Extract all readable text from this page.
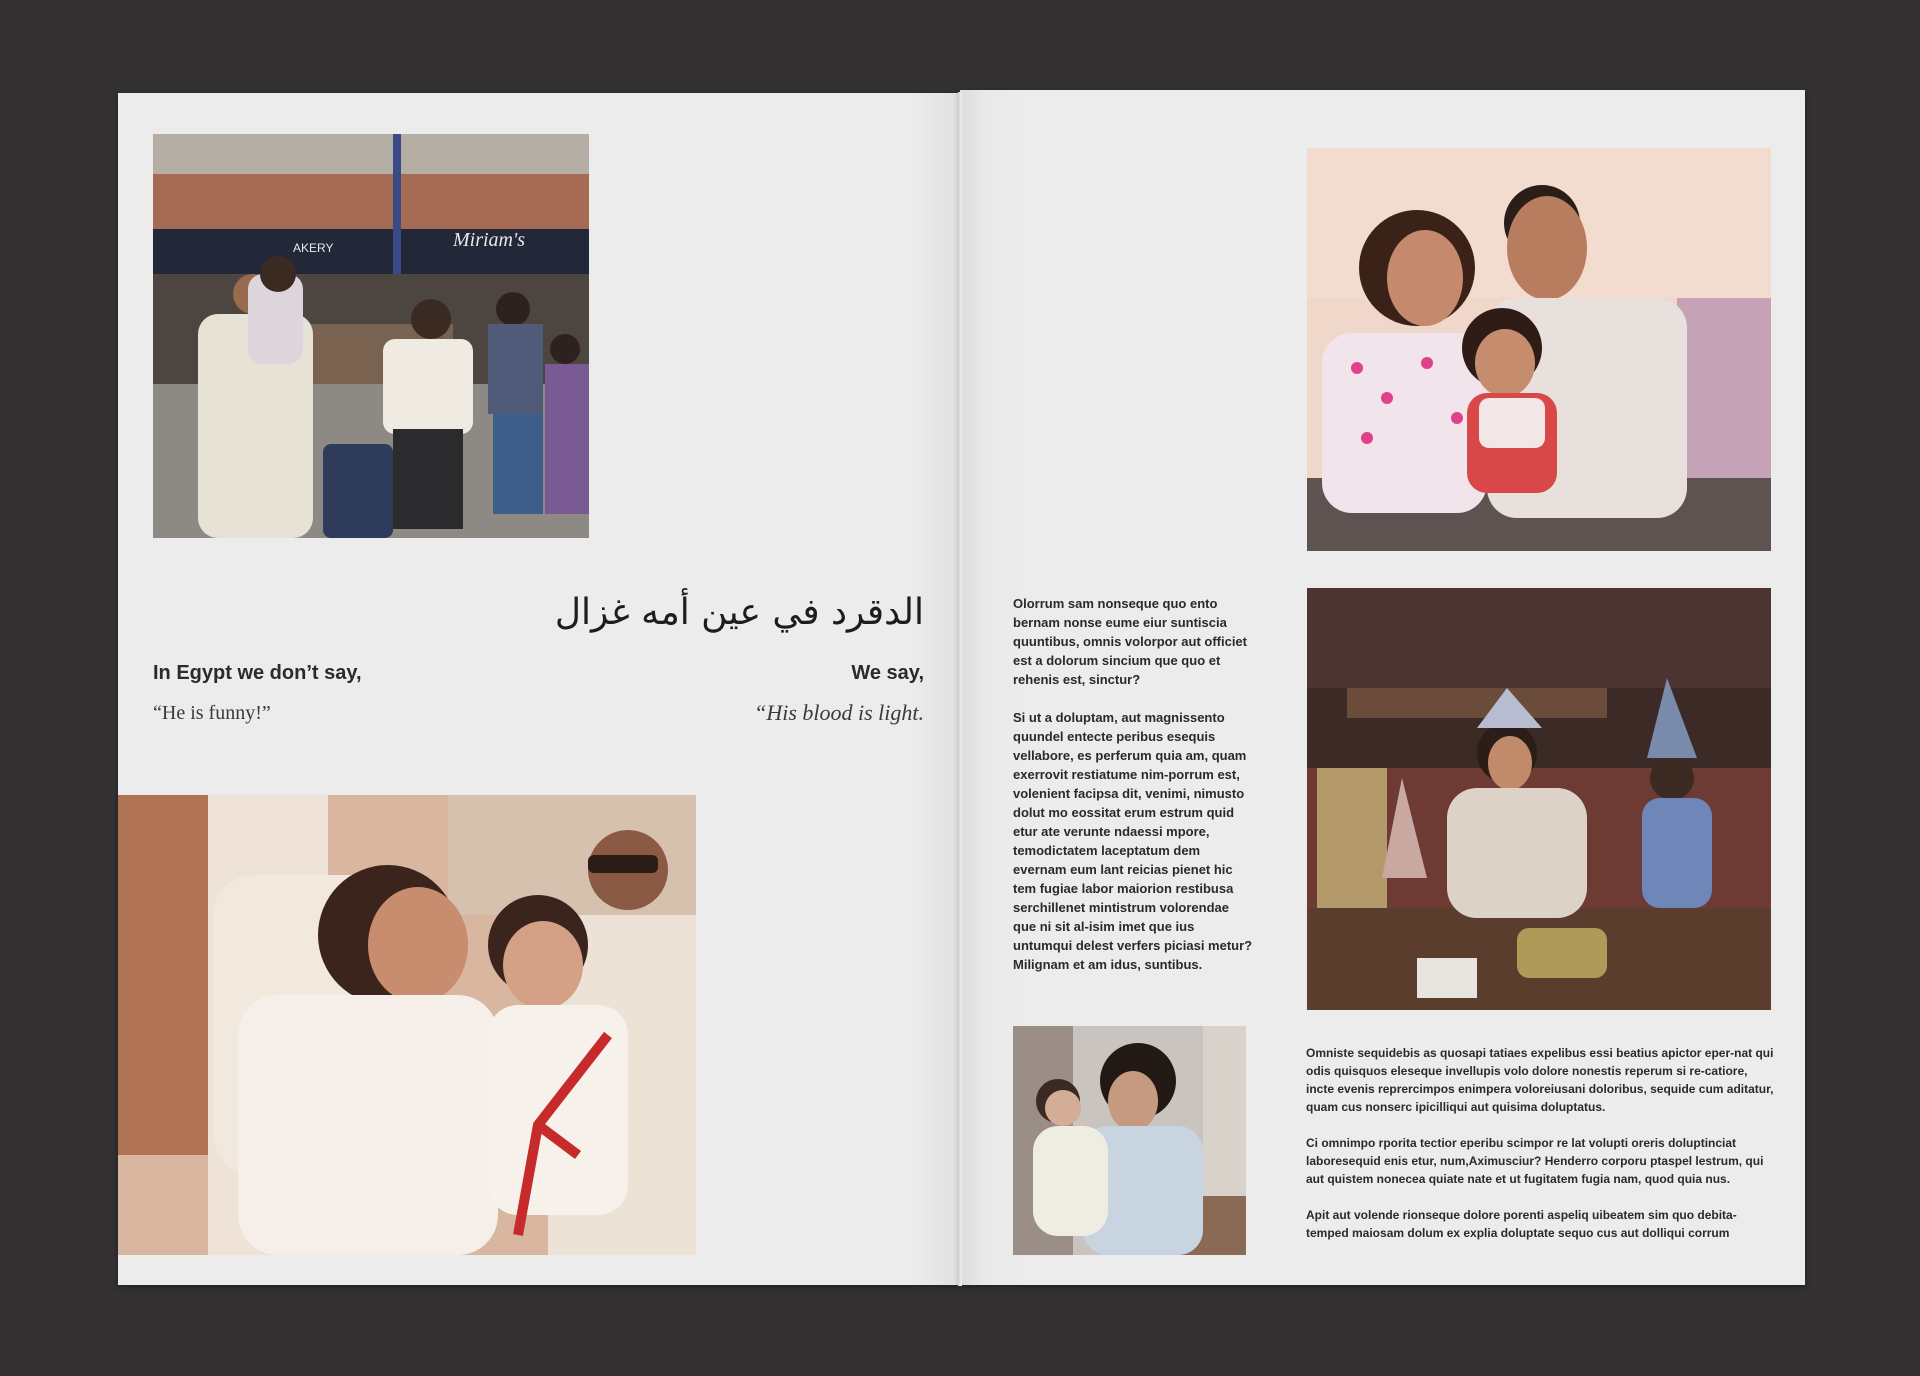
Miriam's
AKERY
الدقرد في عين أمه غزال
In Egypt we don’t say,	We say,
“He is funny!”	“His blood is light.

Olorrum sam nonseque quo ento bernam nonse eume eiur suntiscia quuntibus, omnis volorpor aut officiet est a dolorum sincium que quo et rehenis est, sinctur?

Si ut a doluptam, aut magnissento quundel entecte peribus esequis vellabore, es perferum quia am, quam exerrovit restiatume nim-porrum est, volenient facipsa dit, venimi, nimusto dolut mo eossitat erum estrum quid etur ate verunte ndaessi mpore, temodictatem laceptatum dem evernam eum lant reicias pienet hic tem fugiae labor maiorion restibusa serchillenet mintistrum volorendae que ni sit al-isim imet que ius untumqui delest verfers piciasi metur? Milignam et am idus, suntibus.

Omniste sequidebis as quosapi tatiaes expelibus essi beatius apictor eper-nat qui odis quisquos eleseque invellupis volo dolore nonestis reperum si re-catiore, incte evenis reprercimpos enimpera voloreiusani doloribus, sequide cum aditatur, quam cus nonserc ipicilliqui aut quisima doluptatus.

Ci omnimpo rporita tectior eperibu scimpor re lat volupti oreris doluptinciat laboresequid enis etur, num,Aximusciur? Henderro corporu ptaspel lestrum, qui aut quistem nonecea quiate nate et ut fugitatem fugia nam, quod quia nus.

Apit aut volende rionseque dolore porenti aspeliq uibeatem sim quo debita-temped maiosam dolum ex explia doluptate sequo cus aut dolliqui corrum
